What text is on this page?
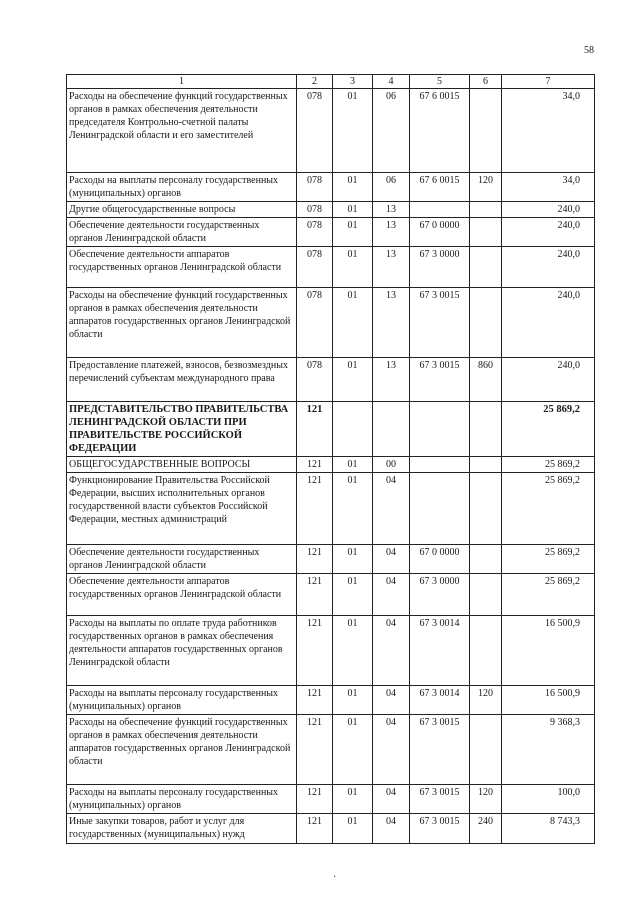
58
1	2	3	4	5	6	7
Расходы на обеспечение функций государственных органов в рамках обеспечения деятельности председателя Контрольно-счетной палаты Ленинградской области и его заместителей	078	01	06	67 6 0015		34,0
Расходы на выплаты персоналу государственных (муниципальных) органов	078	01	06	67 6 0015	120	34,0
Другие общегосударственные вопросы	078	01	13			240,0
Обеспечение деятельности государственных органов Ленинградской области	078	01	13	67 0 0000		240,0
Обеспечение деятельности аппаратов государственных органов Ленинградской области	078	01	13	67 3 0000		240,0
Расходы на обеспечение функций государственных органов в рамках обеспечения деятельности аппаратов государственных органов Ленинградской области	078	01	13	67 3 0015		240,0
Предоставление платежей, взносов, безвозмездных перечислений субъектам международного права	078	01	13	67 3 0015	860	240,0
ПРЕДСТАВИТЕЛЬСТВО ПРАВИТЕЛЬСТВА ЛЕНИНГРАДСКОЙ ОБЛАСТИ ПРИ ПРАВИТЕЛЬСТВЕ РОССИЙСКОЙ ФЕДЕРАЦИИ	121					25 869,2
ОБЩЕГОСУДАРСТВЕННЫЕ ВОПРОСЫ	121	01	00			25 869,2
Функционирование Правительства Российской Федерации, высших исполнительных органов государственной власти субъектов Российской Федерации, местных администраций	121	01	04			25 869,2
Обеспечение деятельности государственных органов Ленинградской области	121	01	04	67 0 0000		25 869,2
Обеспечение деятельности аппаратов государственных органов Ленинградской области	121	01	04	67 3 0000		25 869,2
Расходы на выплаты по оплате труда работников государственных органов в рамках обеспечения деятельности аппаратов государственных органов Ленинградской области	121	01	04	67 3 0014		16 500,9
Расходы на выплаты персоналу государственных (муниципальных) органов	121	01	04	67 3 0014	120	16 500,9
Расходы на обеспечение функций государственных органов в рамках обеспечения деятельности аппаратов государственных органов Ленинградской области	121	01	04	67 3 0015		9 368,3
Расходы на выплаты персоналу государственных (муниципальных) органов	121	01	04	67 3 0015	120	100,0
Иные закупки товаров, работ и услуг для государственных (муниципальных) нужд	121	01	04	67 3 0015	240	8 743,3
·
